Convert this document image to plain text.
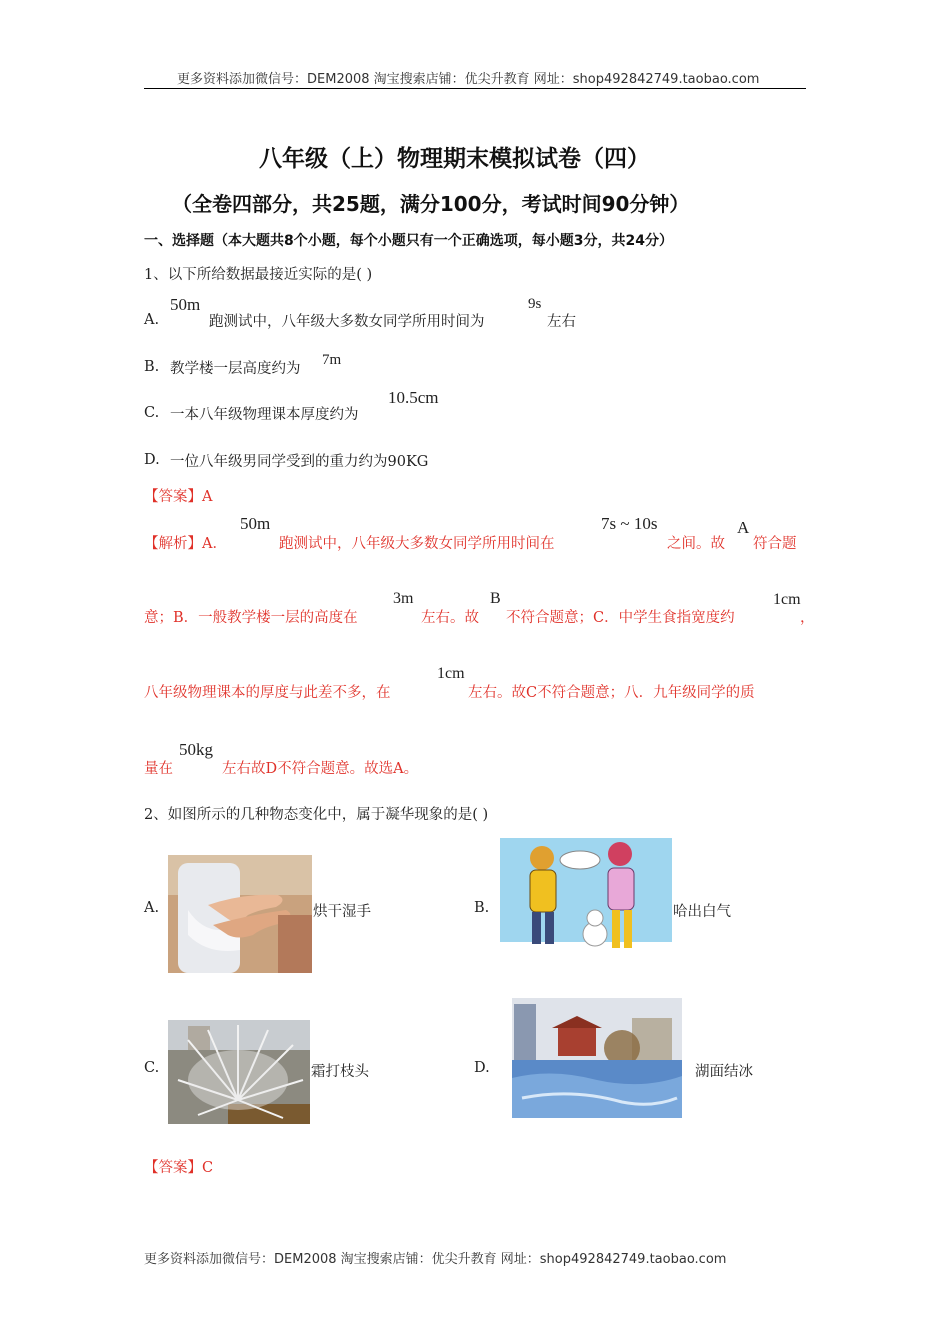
更多资料添加微信号：DEM2008 淘宝搜索店铺：优尖升教育 网址：shop492842749.taobao.com
八年级（上）物理期末模拟试卷（四）
（全卷四部分，共25题，满分100分，考试时间90分钟）
一、选择题（本大题共8个小题，每个小题只有一个正确选项，每小题3分，共24分）
1、以下所给数据最接近实际的是( )
A.
50m
跑测试中，八年级大多数女同学所用时间为
9s
左右
B. 教学楼一层高度约为
7m
C. 一本八年级物理课本厚度约为
10.5cm
D. 一位八年级男同学受到的重力约为90KG
【答案】A
【解析】A．
50m
跑测试中，八年级大多数女同学所用时间在
7s ~ 10s
之间。故
A
符合题
意；B．一般教学楼一层的高度在
3m
左右。故
B
不符合题意；C．中学生食指宽度约
1cm
，
八年级物理课本的厚度与此差不多，在
1cm
左右。故C不符合题意；八．九年级同学的质
量在
50kg
左右故D不符合题意。故选A。
2、如图所示的几种物态变化中，属于凝华现象的是( )
A.	烘干湿手	B.	哈出白气
C.	霜打枝头	D.	湖面结冰
【答案】C
更多资料添加微信号：DEM2008 淘宝搜索店铺：优尖升教育 网址：shop492842749.taobao.com
